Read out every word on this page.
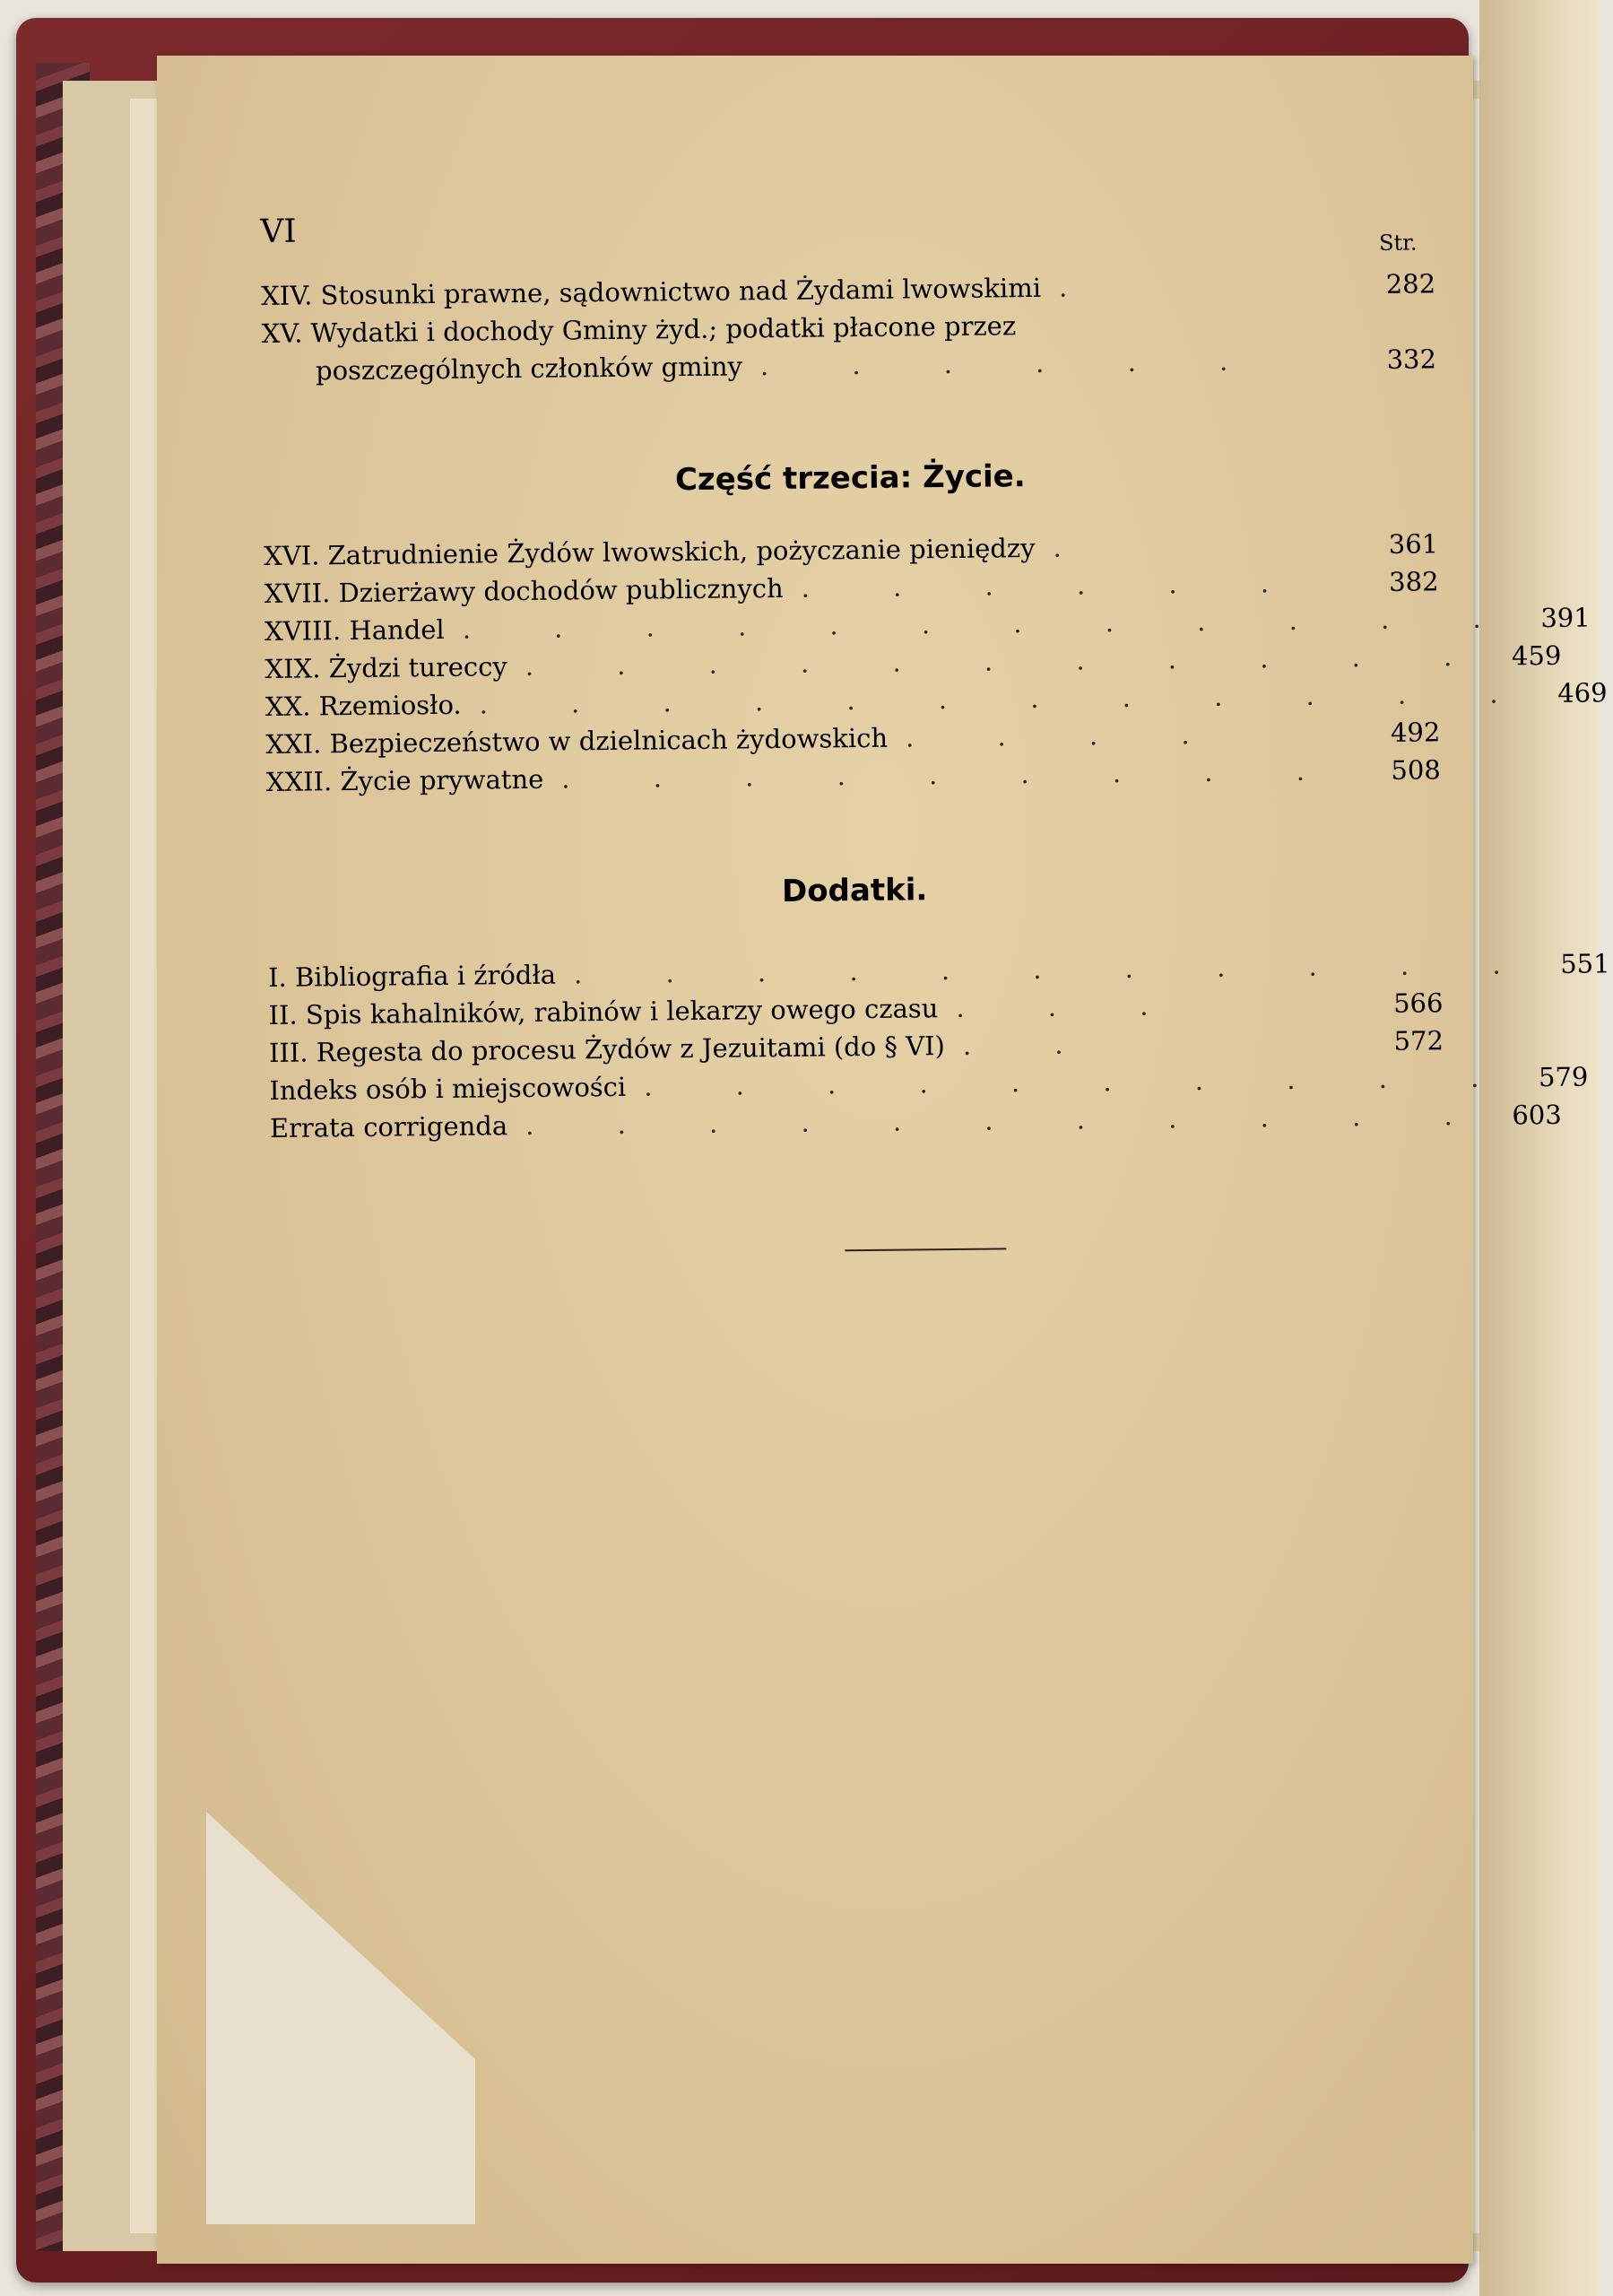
VI	Str.
XIV. Stosunki prawne, sądownictwo nad Żydami lwowskimi .	282
XV. Wydatki i dochody Gminy żyd.; podatki płacone przez
poszczególnych członków gminy . . . . . .	332
Część trzecia: Życie.
XVI. Zatrudnienie Żydów lwowskich, pożyczanie pieniędzy .	361
XVII. Dzierżawy dochodów publicznych . . . . . .	382
XVIII. Handel . . . . . . . . . . . . 391
XIX. Żydzi tureccy . . . . . . . . . . . 459
XX. Rzemiosło. . . . . . . . . . . . . 469
XXI. Bezpieczeństwo w dzielnicach żydowskich . . . .	492
XXII. Życie prywatne . . . . . . . . .	508
Dodatki.
I. Bibliografia i źródła . . . . . . . . . . . 551
II. Spis kahalników, rabinów i lekarzy owego czasu . . .	566
III. Regesta do procesu Żydów z Jezuitami (do § VI) . .	572
Indeks osób i miejscowości . . . . . . . . . . 579
Errata corrigenda . . . . . . . . . . . 603
